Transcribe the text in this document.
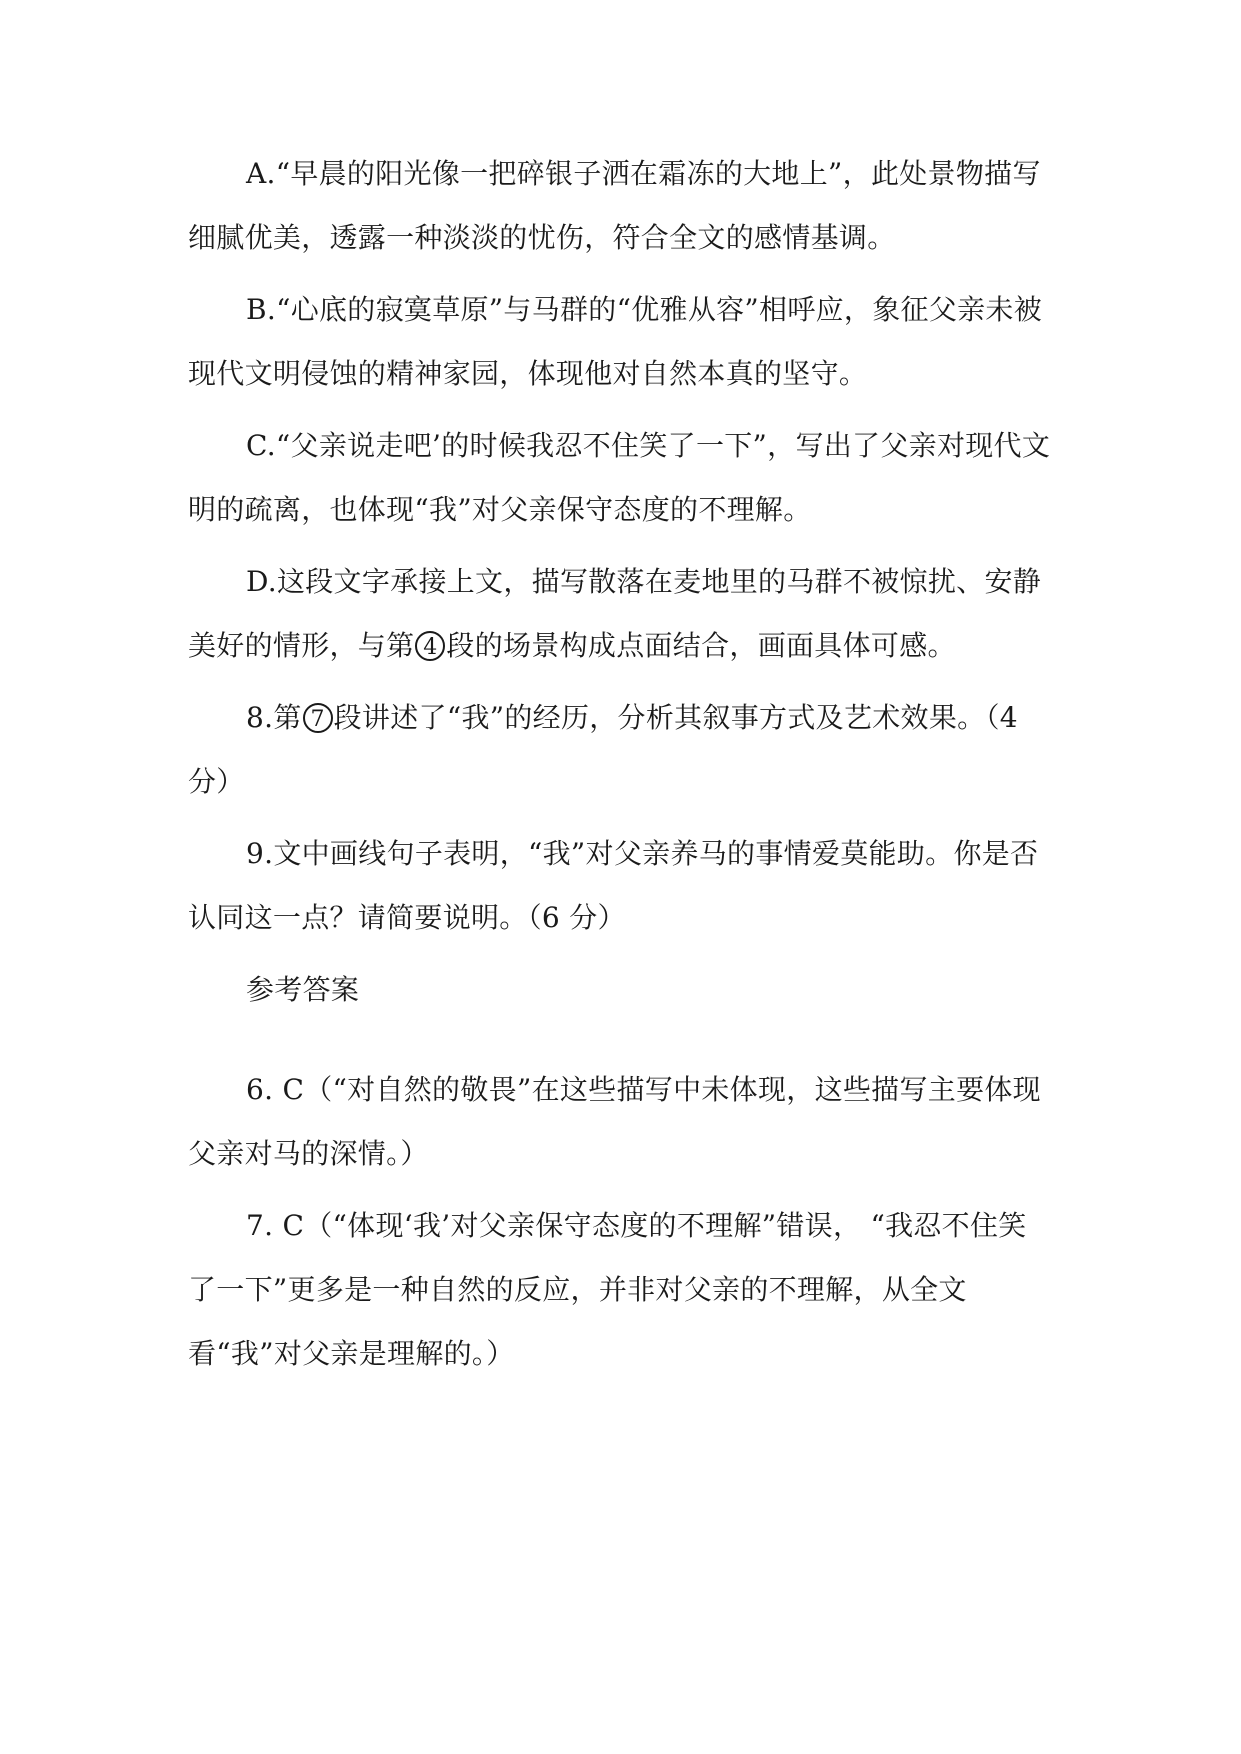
A.“早晨的阳光像一把碎银子洒在霜冻的大地上”，此处景物描写细腻优美，透露一种淡淡的忧伤，符合全文的感情基调。

B.“心底的寂寞草原”与马群的“优雅从容”相呼应，象征父亲未被现代文明侵蚀的精神家园，体现他对自然本真的坚守。

C.“父亲说走吧’的时候我忍不住笑了一下”，写出了父亲对现代文明的疏离，也体现“我”对父亲保守态度的不理解。

D.这段文字承接上文，描写散落在麦地里的马群不被惊扰、安静美好的情形，与第 4 段的场景构成点面结合，画面具体可感。

8.第 7 段讲述了“我”的经历，分析其叙事方式及艺术效果。（4分）

9.文中画线句子表明，“我”对父亲养马的事情爱莫能助。你是否认同这一点？请简要说明。（6 分）

参考答案

6. C（“对自然的敬畏”在这些描写中未体现，这些描写主要体现父亲对马的深情。）

7. C（“体现‘我’对父亲保守态度的不理解”错误， “我忍不住笑了一下”更多是一种自然的反应，并非对父亲的不理解，从全文看“我”对父亲是理解的。）
